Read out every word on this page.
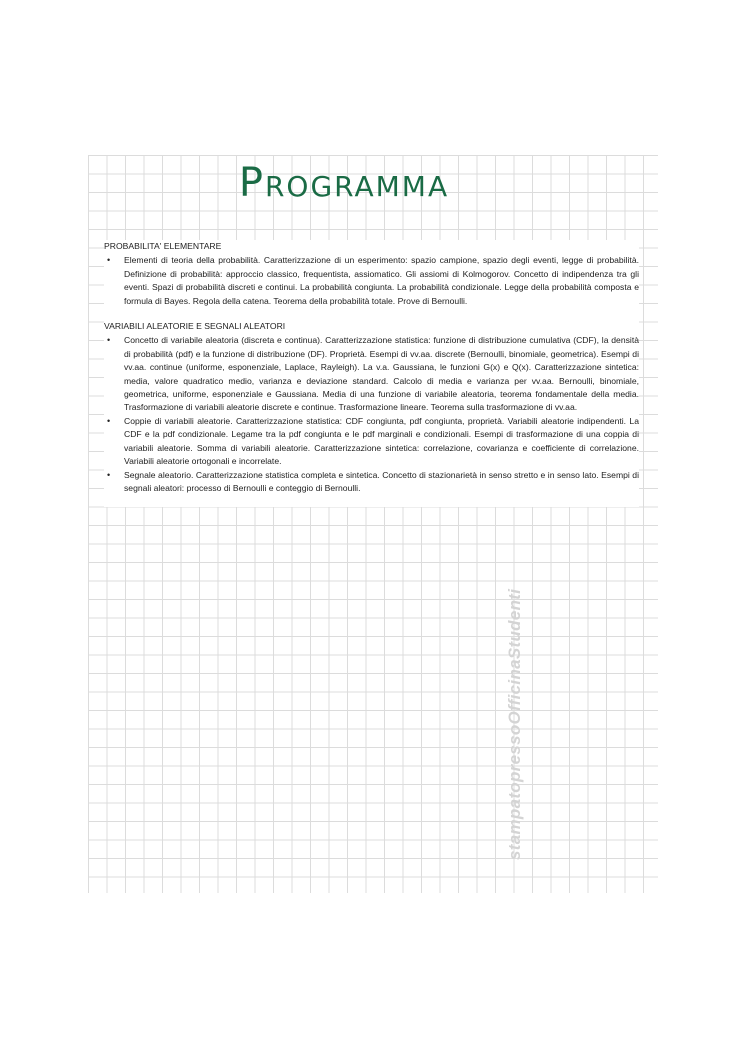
Programma
PROBABILITA' ELEMENTARE
• Elementi di teoria della probabilità. Caratterizzazione di un esperimento: spazio campione, spazio degli eventi, legge di probabilità. Definizione di probabilità: approccio classico, frequentista, assiomatico. Gli assiomi di Kolmogorov. Concetto di indipendenza tra gli eventi. Spazi di probabilità discreti e continui. La probabilità congiunta. La probabilità condizionale. Legge della probabilità composta e formula di Bayes. Regola della catena. Teorema della probabilità totale. Prove di Bernoulli.
VARIABILI ALEATORIE E SEGNALI ALEATORI
• Concetto di variabile aleatoria (discreta e continua). Caratterizzazione statistica: funzione di distribuzione cumulativa (CDF), la densità di probabilità (pdf) e la funzione di distribuzione (DF). Proprietà. Esempi di vv.aa. discrete (Bernoulli, binomiale, geometrica). Esempi di vv.aa. continue (uniforme, esponenziale, Laplace, Rayleigh). La v.a. Gaussiana, le funzioni G(x) e Q(x). Caratterizzazione sintetica: media, valore quadratico medio, varianza e deviazione standard. Calcolo di media e varianza per vv.aa. Bernoulli, binomiale, geometrica, uniforme, esponenziale e Gaussiana. Media di una funzione di variabile aleatoria, teorema fondamentale della media. Trasformazione di variabili aleatorie discrete e continue. Trasformazione lineare. Teorema sulla trasformazione di vv.aa.
• Coppie di variabili aleatorie. Caratterizzazione statistica: CDF congiunta, pdf congiunta, proprietà. Variabili aleatorie indipendenti. La CDF e la pdf condizionale. Legame tra la pdf congiunta e le pdf marginali e condizionali. Esempi di trasformazione di una coppia di variabili aleatorie. Somma di variabili aleatorie. Caratterizzazione sintetica: correlazione, covarianza e coefficiente di correlazione. Variabili aleatorie ortogonali e incorrelate.
• Segnale aleatorio. Caratterizzazione statistica completa e sintetica. Concetto di stazionarietà in senso stretto e in senso lato. Esempi di segnali aleatori: processo di Bernoulli e conteggio di Bernoulli.
stampatopressoOfficinaStudenti
